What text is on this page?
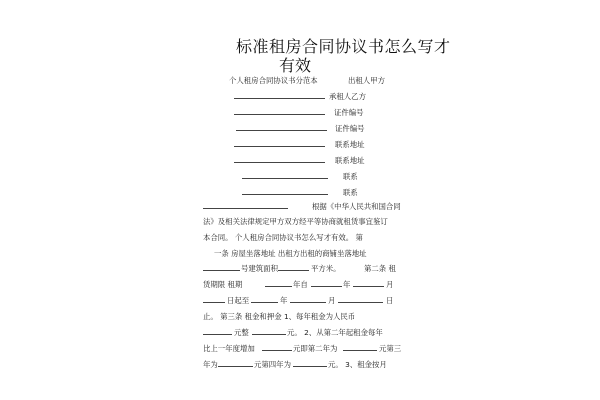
标准租房合同协议书怎么写才
有效
个人租房合同协议书分范本	出租人甲方
承租人乙方
证件编号
证件编号
联系地址
联系地址
联系
联系
根据《中华人民共和国合同
法》及相关法律规定甲方双方经平等协商就租赁事宜鉴订
本合同。 个人租房合同协议书怎么写才有效。 第
一条 房屋坐落地址 出租方出租的商铺坐落地址
号建筑面积	平方米。	第二条 租
赁期限 租期	年自	年	月
日起至	年	月	日
止。 第三条 租金和押金 1、每年租金为人民币
元整	元。 2、从第二年起租金每年
比上一年度增加	元即第二年为	元第三
年为	元第四年为	元。 3、租金按月
